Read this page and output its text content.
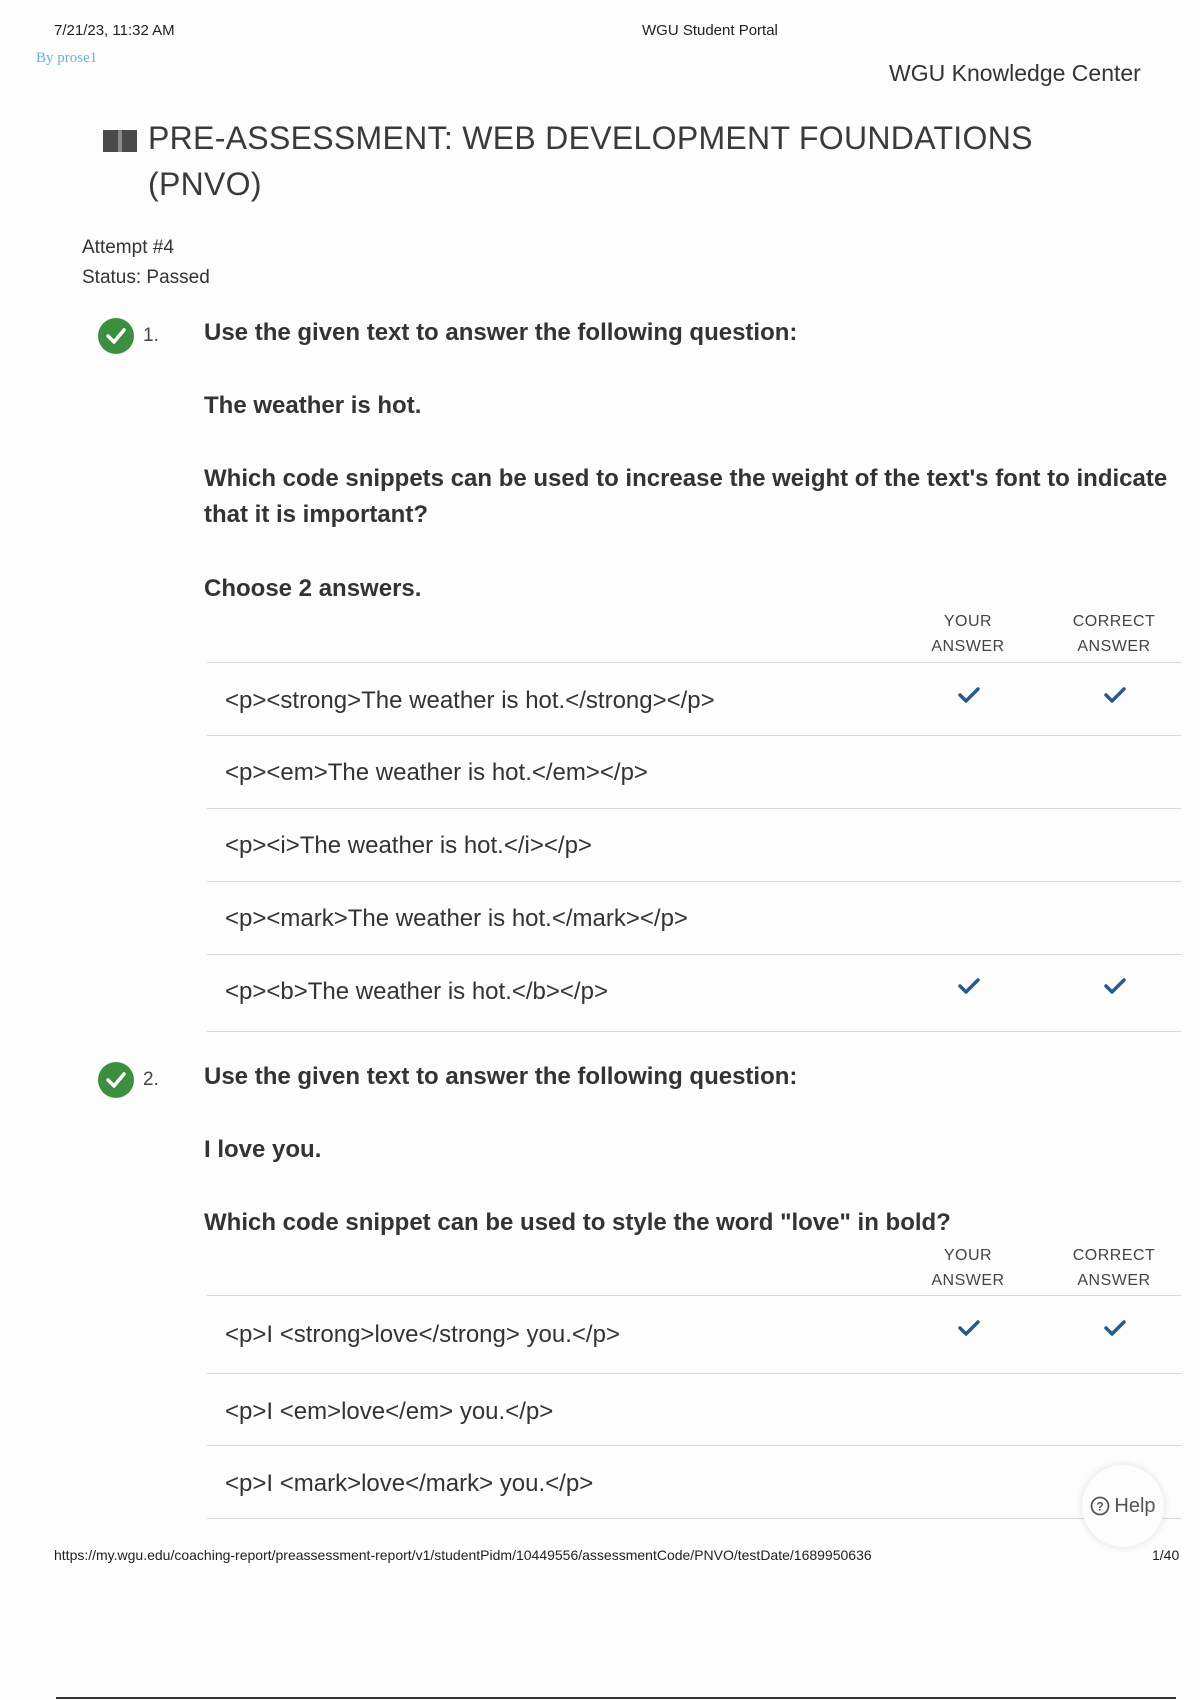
7/21/23, 11:32 AM	WGU Student Portal
By prose1
WGU Knowledge Center
PRE-ASSESSMENT: WEB DEVELOPMENT FOUNDATIONS
(PNVO)
Attempt #4
Status: Passed
1. Use the given text to answer the following question:
The weather is hot.
Which code snippets can be used to increase the weight of the text's font to indicate that it is important?
Choose 2 answers.
YOUR
ANSWER
CORRECT
ANSWER
<p><strong>The weather is hot.</strong></p>
<p><em>The weather is hot.</em></p>
<p><i>The weather is hot.</i></p>
<p><mark>The weather is hot.</mark></p>
<p><b>The weather is hot.</b></p>
2. Use the given text to answer the following question:
I love you.
Which code snippet can be used to style the word "love" in bold?
YOUR
ANSWER
CORRECT
ANSWER
<p>I <strong>love</strong> you.</p>
<p>I <em>love</em> you.</p>
<p>I <mark>love</mark> you.</p>
? Help
https://my.wgu.edu/coaching-report/preassessment-report/v1/studentPidm/10449556/assessmentCode/PNVO/testDate/1689950636	1/40
